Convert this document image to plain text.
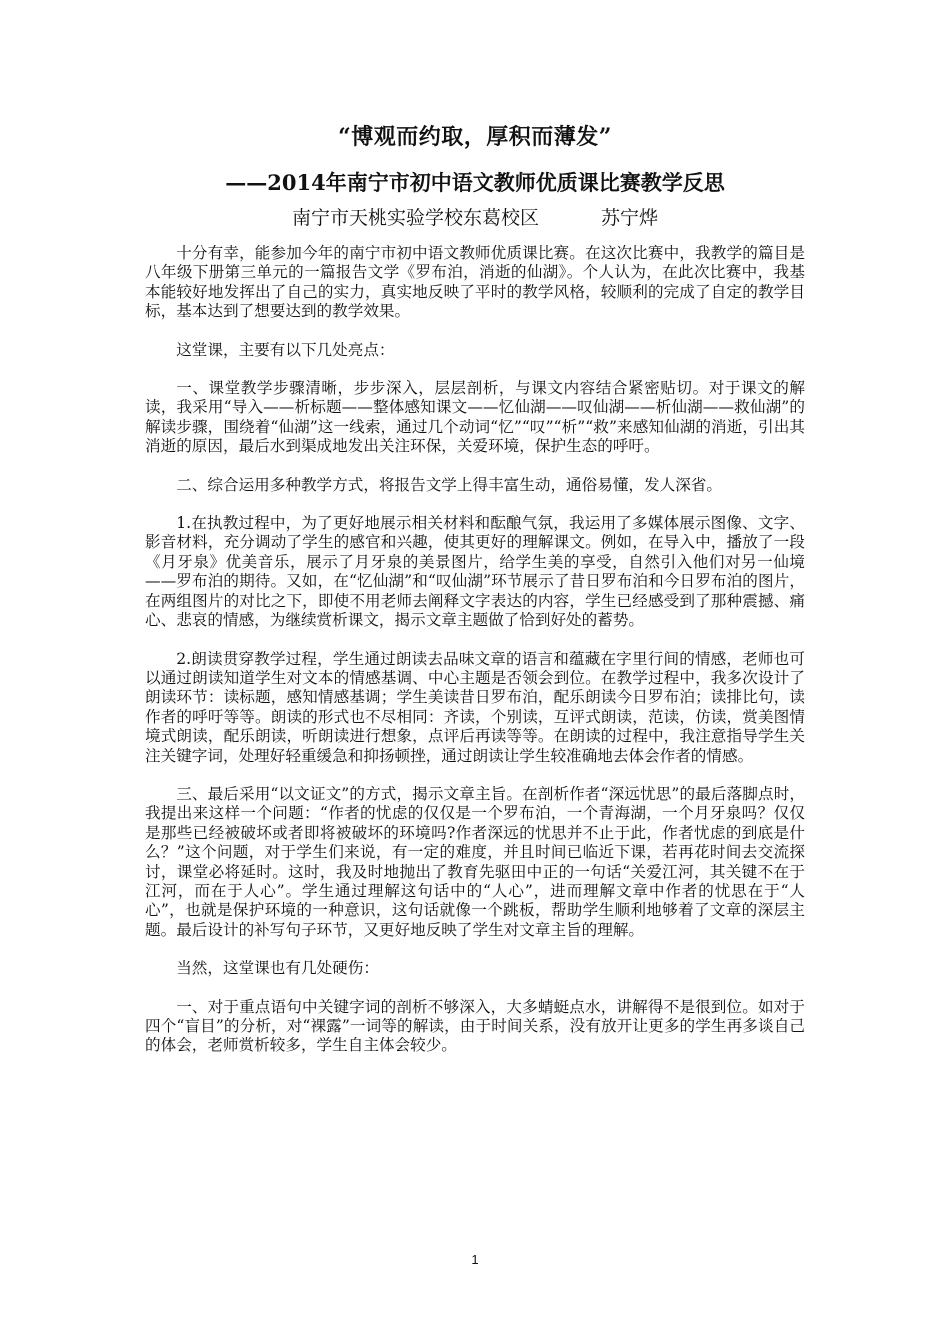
“博观而约取，厚积而薄发”
——2014年南宁市初中语文教师优质课比赛教学反思
南宁市天桃实验学校东葛校区	苏宁烨

十分有幸，能参加今年的南宁市初中语文教师优质课比赛。在这次比赛中，我教学的篇目是八年级下册第三单元的一篇报告文学《罗布泊，消逝的仙湖》。个人认为，在此次比赛中，我基本能较好地发挥出了自己的实力，真实地反映了平时的教学风格，较顺利的完成了自定的教学目标，基本达到了想要达到的教学效果。

这堂课，主要有以下几处亮点：

一、课堂教学步骤清晰，步步深入，层层剖析，与课文内容结合紧密贴切。对于课文的解读，我采用“导入——析标题——整体感知课文——忆仙湖——叹仙湖——析仙湖——救仙湖”的解读步骤，围绕着“仙湖”这一线索，通过几个动词“忆”“叹”“析”“救”来感知仙湖的消逝，引出其消逝的原因，最后水到渠成地发出关注环保，关爱环境，保护生态的呼吁。

二、综合运用多种教学方式，将报告文学上得丰富生动，通俗易懂，发人深省。

1.在执教过程中，为了更好地展示相关材料和酝酿气氛，我运用了多媒体展示图像、文字、影音材料，充分调动了学生的感官和兴趣，使其更好的理解课文。例如，在导入中，播放了一段《月牙泉》优美音乐，展示了月牙泉的美景图片，给学生美的享受，自然引入他们对另一仙境——罗布泊的期待。又如，在“忆仙湖”和“叹仙湖”环节展示了昔日罗布泊和今日罗布泊的图片，在两组图片的对比之下，即使不用老师去阐释文字表达的内容，学生已经感受到了那种震撼、痛心、悲哀的情感，为继续赏析课文，揭示文章主题做了恰到好处的蓄势。

2.朗读贯穿教学过程，学生通过朗读去品味文章的语言和蕴藏在字里行间的情感，老师也可以通过朗读知道学生对文本的情感基调、中心主题是否领会到位。在教学过程中，我多次设计了朗读环节：读标题，感知情感基调；学生美读昔日罗布泊，配乐朗读今日罗布泊；读排比句，读作者的呼吁等等。朗读的形式也不尽相同：齐读，个别读，互评式朗读，范读，仿读，赏美图情境式朗读，配乐朗读，听朗读进行想象，点评后再读等等。在朗读的过程中，我注意指导学生关注关键字词，处理好轻重缓急和抑扬顿挫，通过朗读让学生较准确地去体会作者的情感。

三、最后采用“以文证文”的方式，揭示文章主旨。在剖析作者“深远忧思”的最后落脚点时，我提出来这样一个问题：“作者的忧虑的仅仅是一个罗布泊，一个青海湖，一个月牙泉吗？仅仅是那些已经被破坏或者即将被破坏的环境吗?作者深远的忧思并不止于此，作者忧虑的到底是什么？”这个问题，对于学生们来说，有一定的难度，并且时间已临近下课，若再花时间去交流探讨，课堂必将延时。这时，我及时地抛出了教育先驱田中正的一句话“关爱江河，其关键不在于江河，而在于人心”。学生通过理解这句话中的“人心”，进而理解文章中作者的忧思在于“人心”，也就是保护环境的一种意识，这句话就像一个跳板，帮助学生顺利地够着了文章的深层主题。最后设计的补写句子环节，又更好地反映了学生对文章主旨的理解。

当然，这堂课也有几处硬伤：

一、对于重点语句中关键字词的剖析不够深入，大多蜻蜓点水，讲解得不是很到位。如对于四个“盲目”的分析，对“裸露”一词等的解读，由于时间关系，没有放开让更多的学生再多谈自己的体会，老师赏析较多，学生自主体会较少。

1
